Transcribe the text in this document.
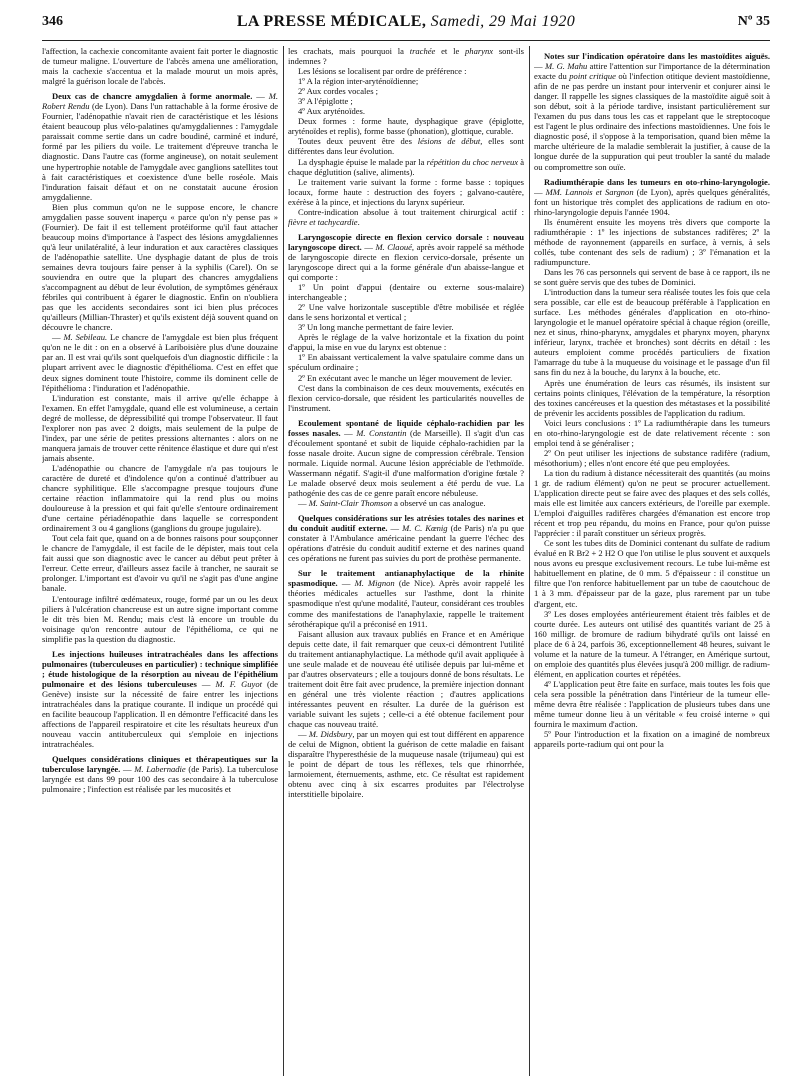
346	LA PRESSE MÉDICALE, Samedi, 29 Mai 1920	Nº 35

l'affection, la cachexie concomitante avaient fait porter le diagnostic de tumeur maligne. L'ouverture de l'abcès amena une amélioration, mais la cachexie s'accentua et la malade mourut un mois après, malgré la guérison locale de l'abcès.

Deux cas de chancre amygdalien à forme anormale. — M. Robert Rendu (de Lyon). Dans l'un rattachable à la forme érosive de Fournier, l'adénopathie n'avait rien de caractéristique et les lésions étaient beaucoup plus vélo-palatines qu'amygdaliennes : l'amygdale paraissait comme sertie dans un cadre boudiné, carminé et induré, formé par les piliers du voile. Le traitement d'épreuve trancha le diagnostic. Dans l'autre cas (forme angineuse), on notait seulement une hypertrophie notable de l'amygdale avec ganglions satellites tout à fait caractéristiques et coexistence d'une belle roséole. Mais l'induration faisait défaut et on ne constatait aucune érosion amygdalienne.

Bien plus commun qu'on ne le suppose encore, le chancre amygdalien passe souvent inaperçu « parce qu'on n'y pense pas » (Fournier). De fait il est tellement protéiforme qu'il faut attacher beaucoup moins d'importance à l'aspect des lésions amygdaliennes qu'à leur unilatéralité, à leur induration et aux caractères classiques de l'adénopathie satellite. Une dysphagie datant de plus de trois semaines devra toujours faire penser à la syphilis (Carel). On se souviendra en outre que la plupart des chancres amygdaliens s'accompagnent au début de leur évolution, de symptômes généraux fébriles qui contribuent à égarer le diagnostic. Enfin on n'oubliera pas que les accidents secondaires sont ici bien plus précoces qu'ailleurs (Millian-Thraster) et qu'ils existent déjà souvent quand on découvre le chancre.

— M. Sebileau. Le chancre de l'amygdale est bien plus fréquent qu'on ne le dit : on en a observé à Lariboisière plus d'une douzaine par an. Il est vrai qu'ils sont quelquefois d'un diagnostic difficile : la plupart arrivent avec le diagnostic d'épithélioma. C'est en effet que deux signes dominent toute l'histoire, comme ils dominent celle de l'épithélioma : l'induration et l'adénopathie.

L'induration est constante, mais il arrive qu'elle échappe à l'examen. En effet l'amygdale, quand elle est volumineuse, a certain degré de mollesse, de dépressibilité qui trompe l'observateur. Il faut l'explorer non pas avec 2 doigts, mais seulement de la pulpe de l'index, par une série de petites pressions alternantes : alors on ne manquera jamais de trouver cette rénitence élastique et dure qui n'est jamais absente.

L'adénopathie ou chancre de l'amygdale n'a pas toujours le caractère de dureté et d'indolence qu'on a continué d'attribuer au chancre syphilitique. Elle s'accompagne presque toujours d'une certaine réaction inflammatoire qui la rend plus ou moins douloureuse à la pression et qui fait qu'elle s'entoure ordinairement d'une certaine périadénopathie dans laquelle se correspondent ordinairement 3 ou 4 ganglions (ganglions du groupe jugulaire).

Tout cela fait que, quand on a de bonnes raisons pour soupçonner le chancre de l'amygdale, il est facile de le dépister, mais tout cela fait aussi que son diagnostic avec le cancer au début peut prêter à l'erreur. Cette erreur, d'ailleurs assez facile à trancher, ne saurait se prolonger. L'important est d'avoir vu qu'il ne s'agit pas d'une angine banale.

L'entourage infiltré œdémateux, rouge, formé par un ou les deux piliers à l'ulcération chancreuse est un autre signe important comme le dit très bien M. Rendu; mais c'est là encore un trouble du voisinage qu'on rencontre autour de l'épithélioma, ce qui ne simplifie pas la question du diagnostic.

Les injections huileuses intratrachéales dans les affections pulmonaires (tuberculeuses en particulier) : technique simplifiée ; étude histologique de la résorption au niveau de l'épithélium pulmonaire et des lésions tuberculeuses — M. F. Guyot (de Genève) insiste sur la nécessité de faire entrer les injections intratrachéales dans la pratique courante. Il indique un procédé qui en facilite beaucoup l'application. Il en démontre l'efficacité dans les affections de l'appareil respiratoire et cite les résultats heureux d'un nouveau vaccin antituberculeux qui s'emploie en injections intratrachéales.

Quelques considérations cliniques et thérapeutiques sur la tuberculose laryngée. — M. Labernadie (de Paris). La tuberculose laryngée est dans 99 pour 100 des cas secondaire à la tuberculose pulmonaire ; l'infection est réalisée par les mucosités et

les crachats, mais pourquoi la trachée et le pharynx sont-ils indemnes ?

Les lésions se localisent par ordre de préférence :

1º A la région inter-aryténoïdienne;

2º Aux cordes vocales ;

3º A l'épiglotte ;

4º Aux aryténoïdes.

Deux formes : forme haute, dysphagique grave (épiglotte, aryténoïdes et replis), forme basse (phonation), glottique, curable.

Toutes deux peuvent être des lésions de début, elles sont différentes dans leur évolution.

La dysphagie épuise le malade par la répétition du choc nerveux à chaque déglutition (salive, aliments).

Le traitement varie suivant la forme : forme basse : topiques locaux, forme haute : destruction des foyers ; galvano-cautère, exérèse à la pince, et injections du larynx supérieur.

Contre-indication absolue à tout traitement chirurgical actif : fièvre et tachycardie.

Laryngoscopie directe en flexion cervico dorsale : nouveau laryngoscope direct. — M. Claoué, après avoir rappelé sa méthode de laryngoscopie directe en flexion cervico-dorsale, présente un laryngoscope direct qui a la forme générale d'un abaisse-langue et qui comporte :

1º Un point d'appui (dentaire ou externe sous-malaire) interchangeable ;

2º Une valve horizontale susceptible d'être mobilisée et réglée dans le sens horizontal et vertical ;

3º Un long manche permettant de faire levier.

Après le réglage de la valve horizontale et la fixation du point d'appui, la mise en vue du larynx est obtenue :

1º En abaissant verticalement la valve spatulaire comme dans un spéculum ordinaire ;

2º En exécutant avec le manche un léger mouvement de levier.

C'est dans la combinaison de ces deux mouvements, exécutés en flexion cervico-dorsale, que résident les particularités nouvelles de l'instrument.

Ecoulement spontané de liquide céphalo-rachidien par les fosses nasales. — M. Constantin (de Marseille). Il s'agit d'un cas d'écoulement spontané et subit de liquide céphalo-rachidien par la fosse nasale droite. Aucun signe de compression cérébrale. Tension normale. Liquide normal. Aucune lésion appréciable de l'ethmoïde. Wassermann négatif. S'agit-il d'une malformation d'origine fœtale ? Le malade observé deux mois seulement a été perdu de vue. La pathogénie des cas de ce genre paraît encore nébuleuse.

— M. Saint-Clair Thomson a observé un cas analogue.

Quelques considérations sur les atrésies totales des narines et du conduit auditif externe. — M. C. Kœnig (de Paris) n'a pu que constater à l'Ambulance américaine pendant la guerre l'échec des opérations d'atrésie du conduit auditif externe et des narines quand ces opérations ne furent pas suivies du port de prothèse permanente.

Sur le traitement antianaphylactique de la rhinite spasmodique. — M. Mignon (de Nice). Après avoir rappelé les théories médicales actuelles sur l'asthme, dont la rhinite spasmodique n'est qu'une modalité, l'auteur, considérant ces troubles comme des manifestations de l'anaphylaxie, rappelle le traitement sérothérapique qu'il a préconisé en 1911.

Faisant allusion aux travaux publiés en France et en Amérique depuis cette date, il fait remarquer que ceux-ci démontrent l'utilité du traitement antianaphylactique. La méthode qu'il avait appliquée à une seule malade et de nouveau été utilisée depuis par lui-même et par d'autres observateurs ; elle a toujours donné de bons résultats. Le traitement doit être fait avec prudence, la première injection donnant en général une très violente réaction ; d'autres applications intéressantes peuvent en résulter. La durée de la guérison est variable suivant les sujets ; celle-ci a été obtenue facilement pour chaque cas nouveau traité.

— M. Didsbury, par un moyen qui est tout différent en apparence de celui de Mignon, obtient la guérison de cette maladie en faisant disparaître l'hyperesthésie de la muqueuse nasale (trijumeau) qui est le point de départ de tous les réflexes, tels que rhinorrhée, larmoiement, éternuements, asthme, etc. Ce résultat est rapidement obtenu avec cinq à six escarres produites par l'électrolyse interstitielle bipolaire.

Notes sur l'indication opératoire dans les mastoïdites aiguës. — M. G. Mahu attire l'attention sur l'importance de la détermination exacte du point critique où l'infection otitique devient mastoïdienne, afin de ne pas perdre un instant pour intervenir et conjurer ainsi le danger. Il rappelle les signes classiques de la mastoïdite aiguë soit à son début, soit à la période tardive, insistant particulièrement sur l'examen du pus dans tous les cas et rappelant que le streptocoque est l'agent le plus ordinaire des infections mastoïdiennes. Une fois le diagnostic posé, il s'oppose à la temporisation, quand bien même la marche ultérieure de la maladie semblerait la justifier, à cause de la longue durée de la suppuration qui peut troubler la santé du malade ou compromettre son ouïe.

Radiumthérapie dans les tumeurs en oto-rhino-laryngologie. — MM. Lannois et Sargnon (de Lyon), après quelques généralités, font un historique très complet des applications de radium en oto-rhino-laryngologie depuis l'année 1904.

Ils énumèrent ensuite les moyens très divers que comporte la radiumthérapie : 1º les injections de substances radifères; 2º la méthode de rayonnement (appareils en surface, à vernis, à sels collés, tube contenant des sels de radium) ; 3º l'émanation et la radiumpuncture.

Dans les 76 cas personnels qui servent de base à ce rapport, ils ne se sont guère servis que des tubes de Dominici.

L'introduction dans la tumeur sera réalisée toutes les fois que cela sera possible, car elle est de beaucoup préférable à l'application en surface. Les méthodes générales d'application en oto-rhino-laryngologie et le manuel opératoire spécial à chaque région (oreille, nez et sinus, rhino-pharynx, amygdales et pharynx moyen, pharynx inférieur, larynx, trachée et bronches) sont décrits en détail : les auteurs emploient comme procédés particuliers de fixation l'amarrage du tube à la muqueuse du voisinage et le passage d'un fil sans fin du nez à la bouche, du larynx à la bouche, etc.

Après une énumération de leurs cas résumés, ils insistent sur certains points cliniques, l'élévation de la température, la résorption des toxines cancéreuses et la question des métastases et la possibilité de prévenir les accidents possibles de l'application du radium.

Voici leurs conclusions : 1º La radiumthérapie dans les tumeurs en oto-rhino-laryngologie est de date relativement récente : son emploi tend à se généraliser ;

2º On peut utiliser les injections de substance radifère (radium, mésothorium) ; elles n'ont encore été que peu employées.

La tion du radium à distance nécessiterait des quantités (au moins 1 gr. de radium élément) qu'on ne peut se procurer actuellement. L'application directe peut se faire avec des plaques et des sels collés, mais elle est limitée aux cancers extérieurs, de l'oreille par exemple. L'emploi d'aiguilles radifères chargées d'émanation est encore trop récent et trop peu répandu, du moins en France, pour qu'on puisse l'apprécier : il paraît constituer un sérieux progrès.

Ce sont les tubes dits de Dominici contenant du sulfate de radium évalué en R Br2 + 2 H2 O que l'on utilise le plus souvent et auxquels nous avons eu presque exclusivement recours. Le tube lui-même est habituellement en platine, de 0 mm. 5 d'épaisseur : il constitue un filtre que l'on renforce habituellement par un tube de caoutchouc de 1 à 3 mm. d'épaisseur par de la gaze, plus rarement par un tube d'argent, etc.

3º Les doses employées antérieurement étaient très faibles et de courte durée. Les auteurs ont utilisé des quantités variant de 25 à 160 milligr. de bromure de radium bihydraté qu'ils ont laissé en place de 6 à 24, parfois 36, exceptionnellement 48 heures, suivant le volume et la nature de la tumeur. A l'étranger, en Amérique surtout, on emploie des quantités plus élevées jusqu'à 200 milligr. de radium-élément, en application courtes et répétées.

4º L'application peut être faite en surface, mais toutes les fois que cela sera possible la pénétration dans l'intérieur de la tumeur elle-même devra être réalisée : l'application de plusieurs tubes dans une même tumeur donne lieu à un véritable « feu croisé interne » qui fournira le maximum d'action.

5º Pour l'introduction et la fixation on a imaginé de nombreux appareils porte-radium qui ont pour la
